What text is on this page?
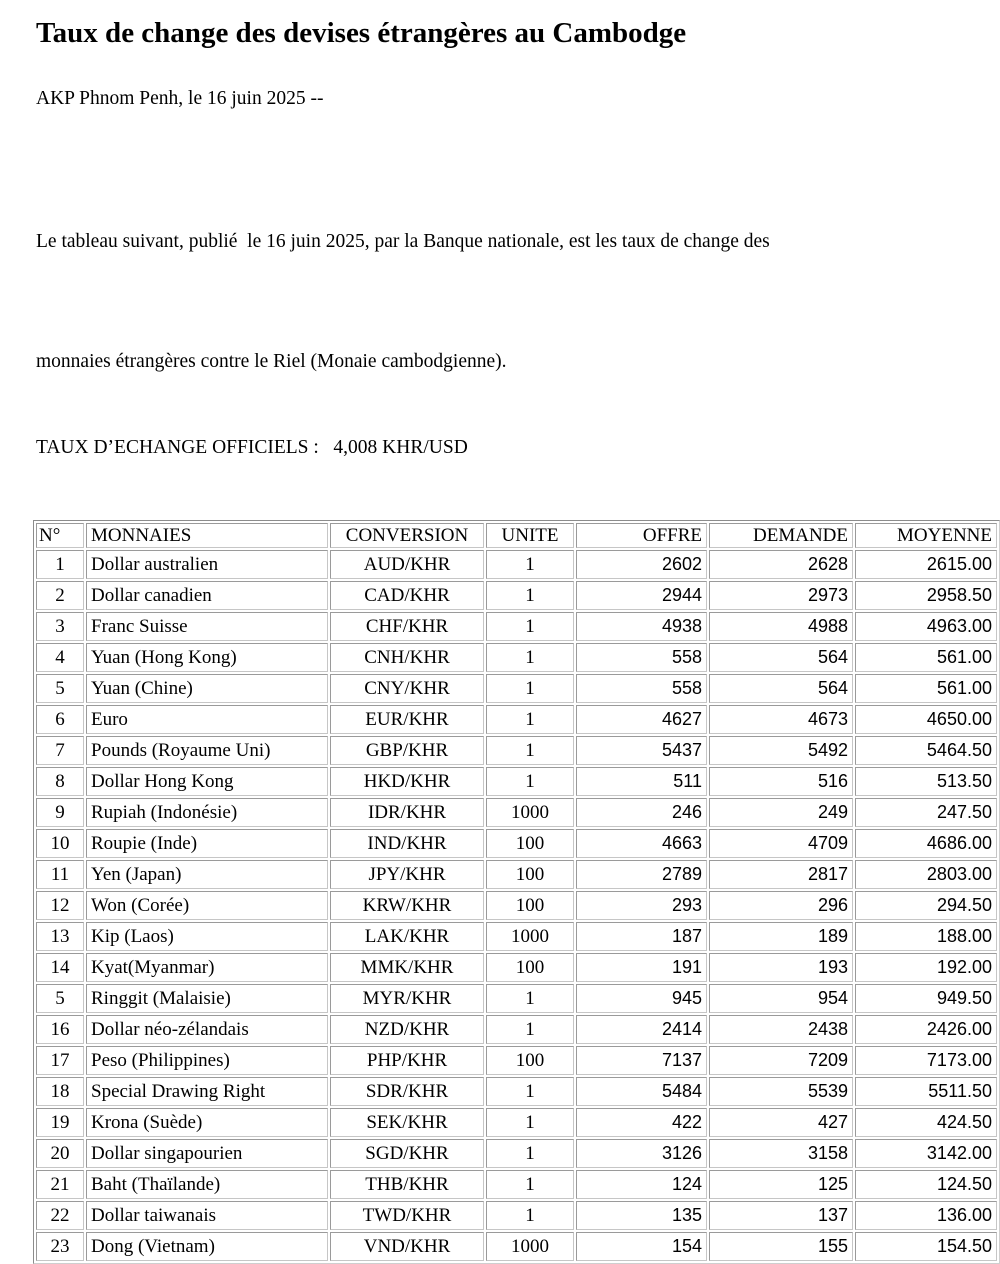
Taux de change des devises étrangères au Cambodge
AKP Phnom Penh, le 16 juin 2025 --

Le tableau suivant, publié  le 16 juin 2025, par la Banque nationale, est les taux de change des

monnaies étrangères contre le Riel (Monaie cambodgienne).

TAUX D’ECHANGE OFFICIELS :   4,008 KHR/USD
N°	MONNAIES	CONVERSION	UNITE	OFFRE	DEMANDE	MOYENNE
1	Dollar australien	AUD/KHR	1	2602	2628	2615.00
2	Dollar canadien	CAD/KHR	1	2944	2973	2958.50
3	Franc Suisse	CHF/KHR	1	4938	4988	4963.00
4	Yuan (Hong Kong)	CNH/KHR	1	558	564	561.00
5	Yuan (Chine)	CNY/KHR	1	558	564	561.00
6	Euro	EUR/KHR	1	4627	4673	4650.00
7	Pounds (Royaume Uni)	GBP/KHR	1	5437	5492	5464.50
8	Dollar Hong Kong	HKD/KHR	1	511	516	513.50
9	Rupiah (Indonésie)	IDR/KHR	1000	246	249	247.50
10	Roupie (Inde)	IND/KHR	100	4663	4709	4686.00
11	Yen (Japan)	JPY/KHR	100	2789	2817	2803.00
12	Won (Corée)	KRW/KHR	100	293	296	294.50
13	Kip (Laos)	LAK/KHR	1000	187	189	188.00
14	Kyat(Myanmar)	MMK/KHR	100	191	193	192.00
5	Ringgit (Malaisie)	MYR/KHR	1	945	954	949.50
16	Dollar néo-zélandais	NZD/KHR	1	2414	2438	2426.00
17	Peso (Philippines)	PHP/KHR	100	7137	7209	7173.00
18	Special Drawing Right	SDR/KHR	1	5484	5539	5511.50
19	Krona (Suède)	SEK/KHR	1	422	427	424.50
20	Dollar singapourien	SGD/KHR	1	3126	3158	3142.00
21	Baht (Thaïlande)	THB/KHR	1	124	125	124.50
22	Dollar taiwanais	TWD/KHR	1	135	137	136.00
23	Dong (Vietnam)	VND/KHR	1000	154	155	154.50
